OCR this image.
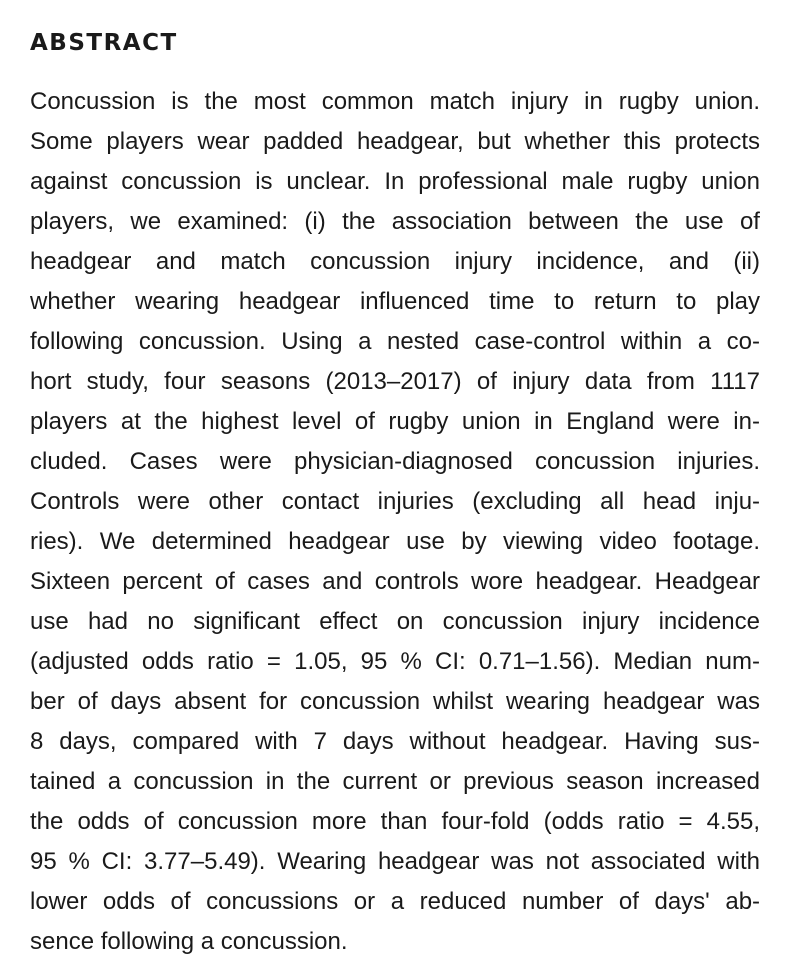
ABSTRACT
Concussion is the most common match injury in rugby union.
Some players wear padded headgear, but whether this protects
against concussion is unclear. In professional male rugby union
players, we examined: (i) the association between the use of
headgear and match concussion injury incidence, and (ii)
whether wearing headgear influenced time to return to play
following concussion. Using a nested case-control within a co-
hort study, four seasons (2013–2017) of injury data from 1117
players at the highest level of rugby union in England were in-
cluded. Cases were physician-diagnosed concussion injuries.
Controls were other contact injuries (excluding all head inju-
ries). We determined headgear use by viewing video footage.
Sixteen percent of cases and controls wore headgear. Headgear
use had no significant effect on concussion injury incidence
(adjusted odds ratio = 1.05, 95 % CI: 0.71–1.56). Median num-
ber of days absent for concussion whilst wearing headgear was
8 days, compared with 7 days without headgear. Having sus-
tained a concussion in the current or previous season increased
the odds of concussion more than four-fold (odds ratio = 4.55,
95 % CI: 3.77–5.49). Wearing headgear was not associated with
lower odds of concussions or a reduced number of days' ab-
sence following a concussion.
